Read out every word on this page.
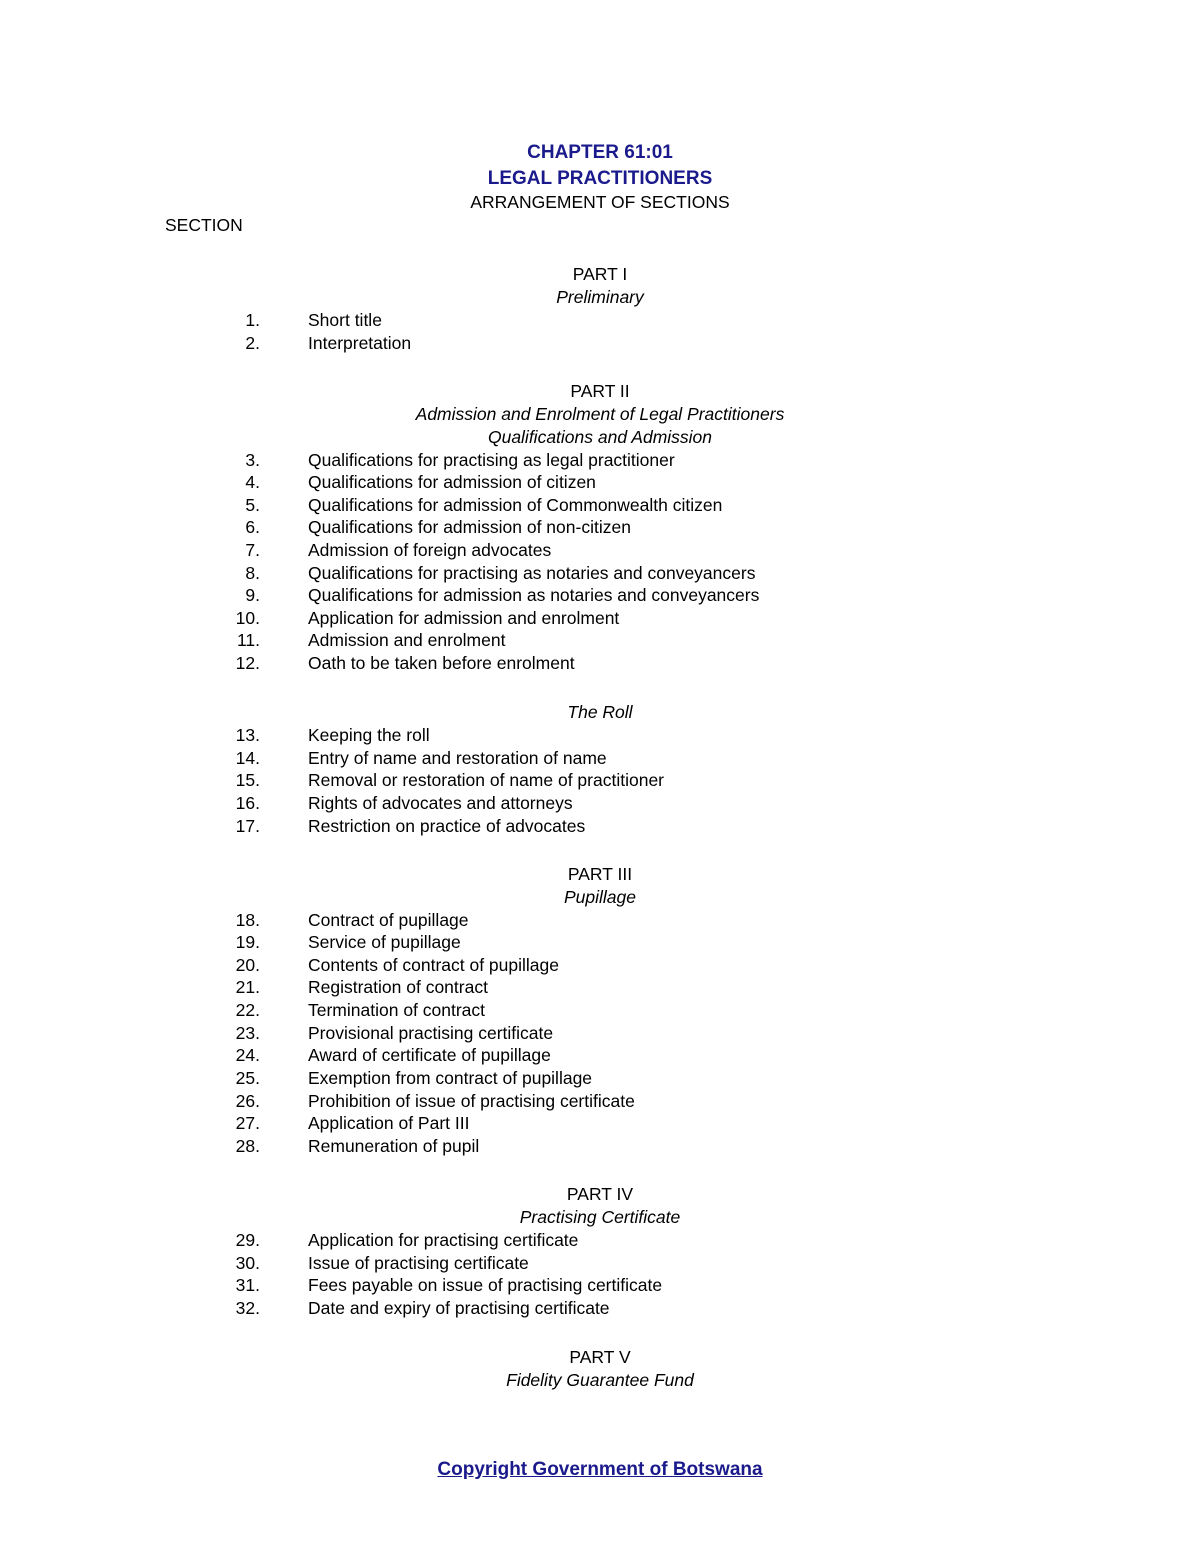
CHAPTER 61:01
LEGAL PRACTITIONERS
ARRANGEMENT OF SECTIONS
SECTION
PART I
Preliminary
1.	Short title
2.	Interpretation
PART II
Admission and Enrolment of Legal Practitioners
Qualifications and Admission
3.	Qualifications for practising as legal practitioner
4.	Qualifications for admission of citizen
5.	Qualifications for admission of Commonwealth citizen
6.	Qualifications for admission of non-citizen
7.	Admission of foreign advocates
8.	Qualifications for practising as notaries and conveyancers
9.	Qualifications for admission as notaries and conveyancers
10.	Application for admission and enrolment
11.	Admission and enrolment
12.	Oath to be taken before enrolment
The Roll
13.	Keeping the roll
14.	Entry of name and restoration of name
15.	Removal or restoration of name of practitioner
16.	Rights of advocates and attorneys
17.	Restriction on practice of advocates
PART III
Pupillage
18.	Contract of pupillage
19.	Service of pupillage
20.	Contents of contract of pupillage
21.	Registration of contract
22.	Termination of contract
23.	Provisional practising certificate
24.	Award of certificate of pupillage
25.	Exemption from contract of pupillage
26.	Prohibition of issue of practising certificate
27.	Application of Part III
28.	Remuneration of pupil
PART IV
Practising Certificate
29.	Application for practising certificate
30.	Issue of practising certificate
31.	Fees payable on issue of practising certificate
32.	Date and expiry of practising certificate
PART V
Fidelity Guarantee Fund
Copyright Government of Botswana
